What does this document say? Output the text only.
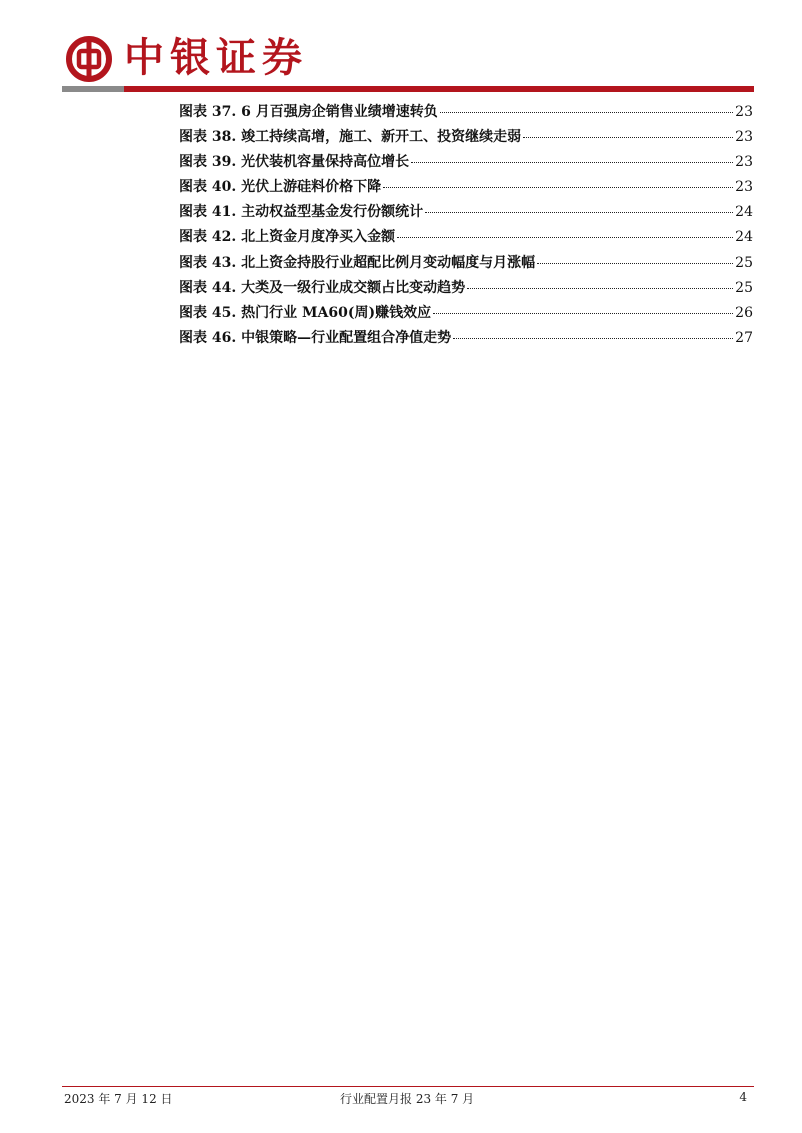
中银证券
图表 37. 6 月百强房企销售业绩增速转负	23
图表 38. 竣工持续高增，施工、新开工、投资继续走弱	23
图表 39. 光伏装机容量保持高位增长	23
图表 40. 光伏上游硅料价格下降	23
图表 41. 主动权益型基金发行份额统计	24
图表 42. 北上资金月度净买入金额	24
图表 43. 北上资金持股行业超配比例月变动幅度与月涨幅	25
图表 44. 大类及一级行业成交额占比变动趋势	25
图表 45. 热门行业 MA60(周)赚钱效应	26
图表 46. 中银策略—行业配置组合净值走势	27
2023 年 7 月 12 日	行业配置月报 23 年 7 月	4
